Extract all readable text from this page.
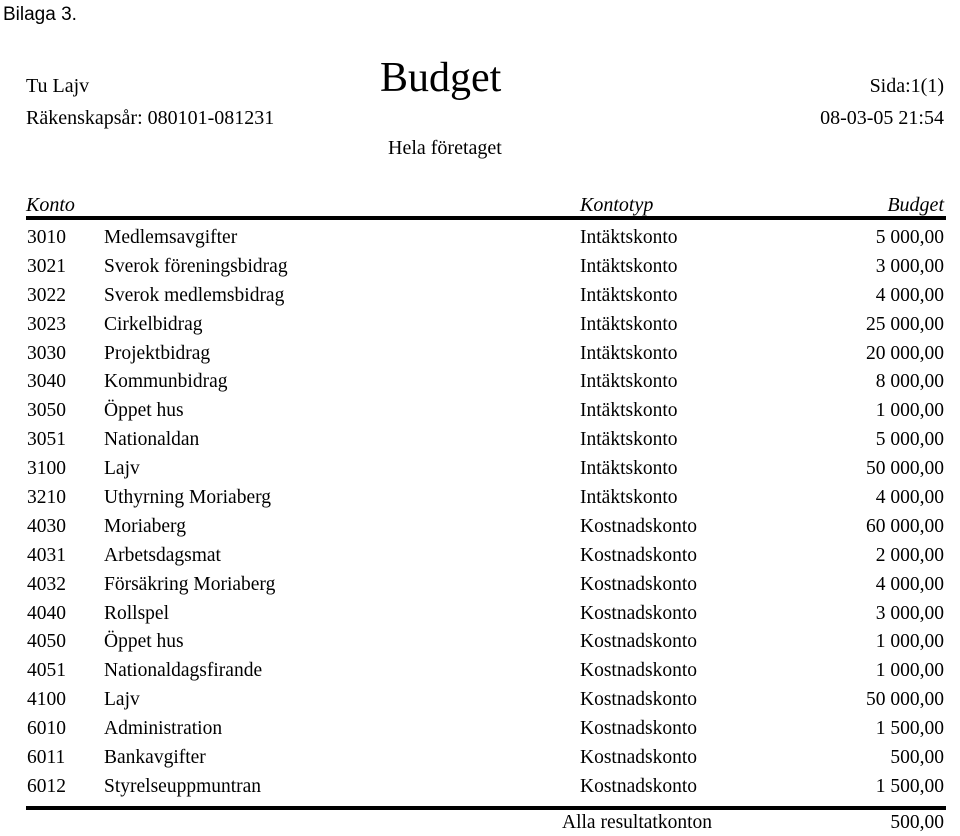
Bilaga 3.
Tu Lajv
Räkenskapsår: 080101-081231
Budget
Hela företaget
Sida:1(1)
08-03-05 21:54
Konto	Kontotyp	Budget
3010 Medlemsavgifter	Intäktskonto	5 000,00
3021 Sverok föreningsbidrag	Intäktskonto	3 000,00
3022 Sverok medlemsbidrag	Intäktskonto	4 000,00
3023 Cirkelbidrag	Intäktskonto	25 000,00
3030 Projektbidrag	Intäktskonto	20 000,00
3040 Kommunbidrag	Intäktskonto	8 000,00
3050 Öppet hus	Intäktskonto	1 000,00
3051 Nationaldan	Intäktskonto	5 000,00
3100 Lajv	Intäktskonto	50 000,00
3210 Uthyrning Moriaberg	Intäktskonto	4 000,00
4030 Moriaberg	Kostnadskonto	60 000,00
4031 Arbetsdagsmat	Kostnadskonto	2 000,00
4032 Försäkring Moriaberg	Kostnadskonto	4 000,00
4040 Rollspel	Kostnadskonto	3 000,00
4050 Öppet hus	Kostnadskonto	1 000,00
4051 Nationaldagsfirande	Kostnadskonto	1 000,00
4100 Lajv	Kostnadskonto	50 000,00
6010 Administration	Kostnadskonto	1 500,00
6011 Bankavgifter	Kostnadskonto	500,00
6012 Styrelseuppmuntran	Kostnadskonto	1 500,00
Alla resultatkonton	500,00
